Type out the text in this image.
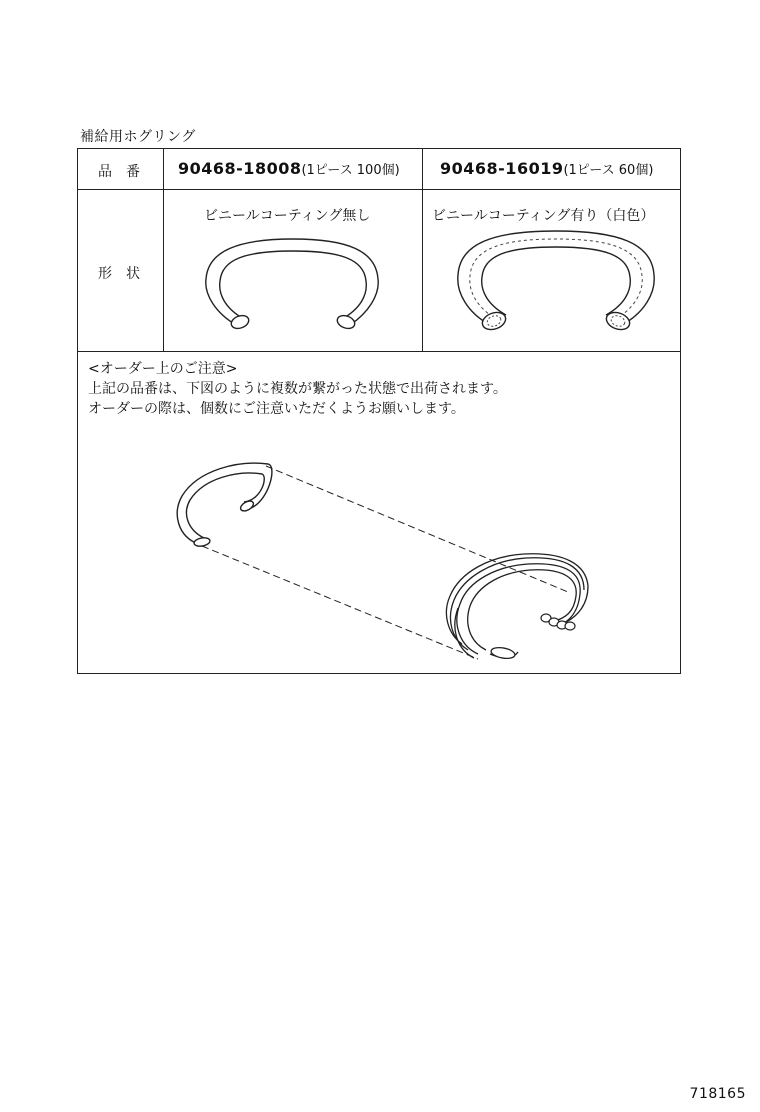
補給用ホグリング
品　番 90468-18008(1ピース 100個)	90468-16019(1ピース 60個)
形　状
ビニールコーティング無し	ビニールコーティング有り（白色）
<オーダー上のご注意>
上記の品番は、下図のように複数が繋がった状態で出荷されます。
オーダーの際は、個数にご注意いただくようお願いします。
718165
